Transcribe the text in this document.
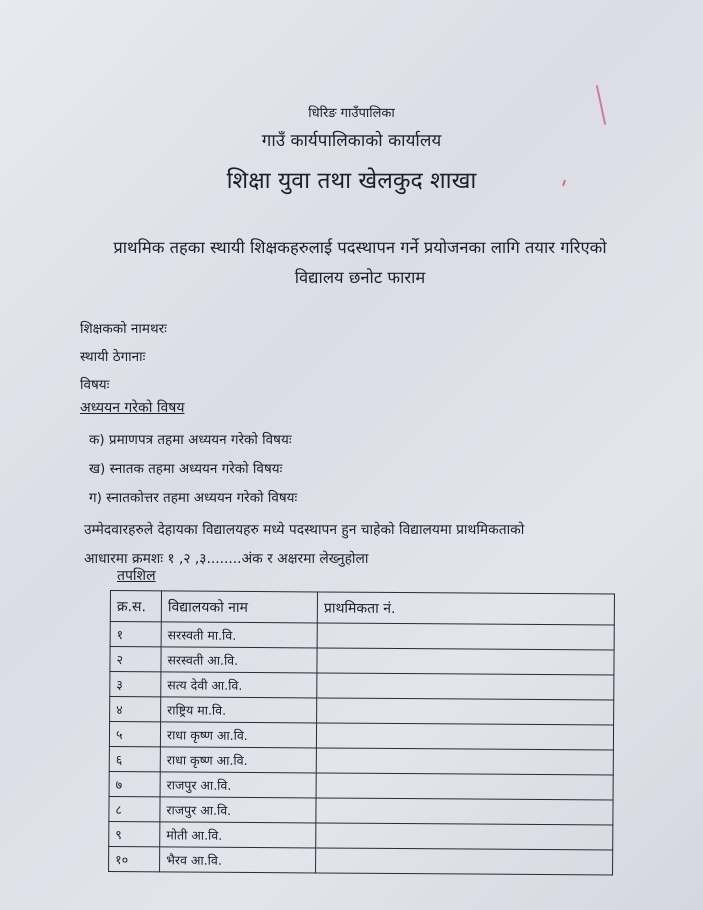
धिरिङ गाउँपालिका
गाउँ कार्यपालिकाको कार्यालय
शिक्षा युवा तथा खेलकुद शाखा
प्राथमिक तहका स्थायी शिक्षकहरुलाई पदस्थापन गर्ने प्रयोजनका लागि तयार गरिएको
विद्यालय छनोट फाराम
शिक्षकको नामथरः
स्थायी ठेगानाः
विषयः
अध्ययन गरेको विषय
क) प्रमाणपत्र तहमा अध्ययन गरेको विषयः
ख) स्नातक तहमा अध्ययन गरेको विषयः
ग) स्नातकोत्तर तहमा अध्ययन गरेको विषयः
उम्मेदवारहरुले देहायका विद्यालयहरु मध्ये पदस्थापन हुन चाहेको विद्यालयमा प्राथमिकताको
आधारमा क्रमशः १ ,२ ,३........अंक र अक्षरमा लेख्नुहोला
तपशिल
क्र.स.	विद्यालयको नाम	प्राथमिकता नं.
१	सरस्वती मा.वि.	
२	सरस्वती आ.वि.	
३	सत्य देवी आ.वि.	
४	राष्ट्रिय मा.वि.	
५	राधा कृष्ण आ.वि.	
६	राधा कृष्ण आ.वि.	
७	राजपुर आ.वि.	
८	राजपुर आ.वि.	
९	मोती आ.वि.	
१०	भैरव आ.वि.	
